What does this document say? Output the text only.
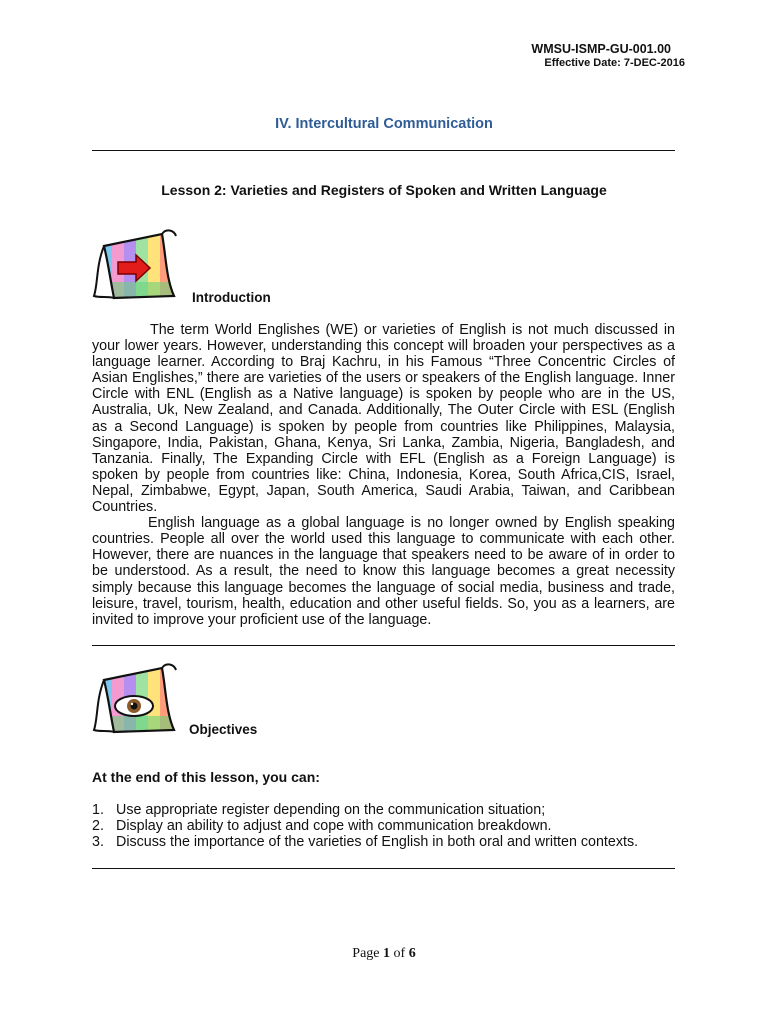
WMSU-ISMP-GU-001.00
Effective Date: 7-DEC-2016
IV. Intercultural Communication
Lesson 2: Varieties and Registers of Spoken and Written Language
Introduction

The term World Englishes (WE) or varieties of English is not much discussed in your lower years. However, understanding this concept will broaden your perspectives as a language learner. According to Braj Kachru, in his Famous “Three Concentric Circles of Asian Englishes,” there are varieties of the users or speakers of the English language. Inner Circle with ENL (English as a Native language) is spoken by people who are in the US, Australia, Uk, New Zealand, and Canada. Additionally, The Outer Circle with ESL (English as a Second Language) is spoken by people from countries like Philippines, Malaysia, Singapore, India, Pakistan, Ghana, Kenya, Sri Lanka, Zambia, Nigeria, Bangladesh, and Tanzania. Finally, The Expanding Circle with EFL (English as a Foreign Language) is spoken by people from countries like: China, Indonesia, Korea, South Africa,CIS, Israel, Nepal, Zimbabwe, Egypt, Japan, South America, Saudi Arabia, Taiwan, and Caribbean Countries.

English language as a global language is no longer owned by English speaking countries. People all over the world used this language to communicate with each other. However, there are nuances in the language that speakers need to be aware of in order to be understood. As a result, the need to know this language becomes a great necessity simply because this language becomes the language of social media, business and trade, leisure, travel, tourism, health, education and other useful fields. So, you as a learners, are invited to improve your proficient use of the language.

Objectives
At the end of this lesson, you can:
1. Use appropriate register depending on the communication situation;
2. Display an ability to adjust and cope with communication breakdown.
3. Discuss the importance of the varieties of English in both oral and written contexts.
Page 1 of 6
